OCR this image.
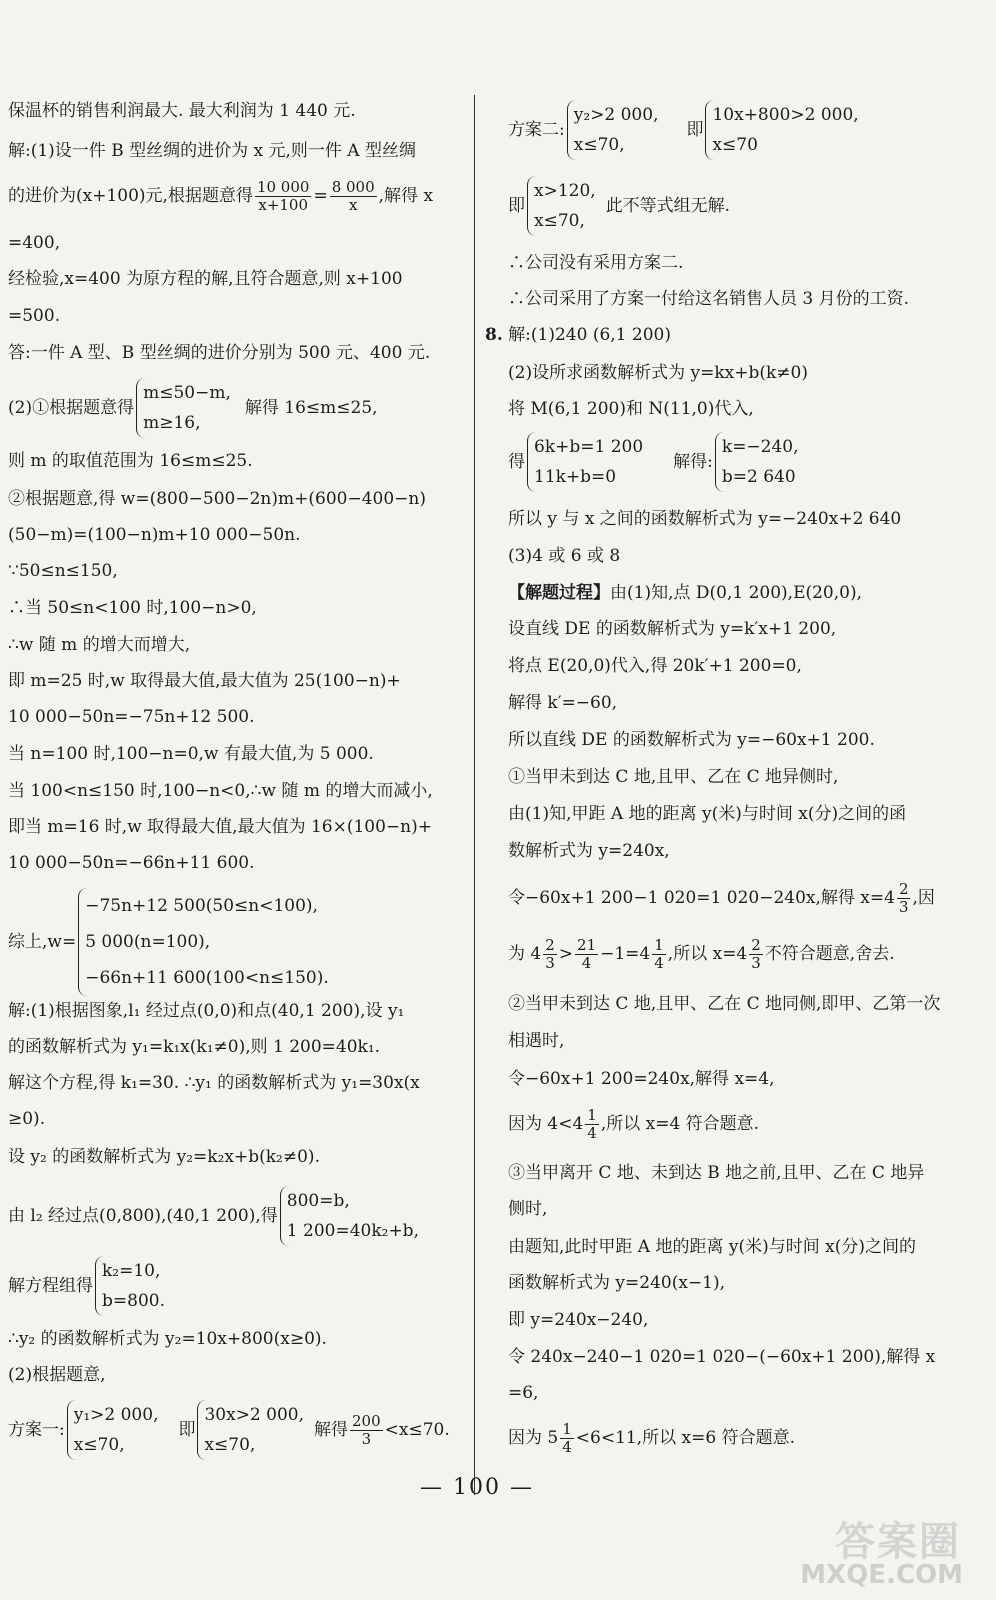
保温杯的销售利润最大. 最大利润为 1 440 元.
解:(1)设一件 B 型丝绸的进价为 x 元,则一件 A 型丝绸
的进价为(x+100)元,根据题意得 $\frac{10 000}{x+100} = \frac{8 000}{x}$ ,解得 x
=400,
经检验,x=400 为原方程的解,且符合题意,则 x+100
=500.
答:一件 A 型、B 型丝绸的进价分别为 500 元、400 元.
(2)①根据题意得
m≤50−m,
m≥16,
解得 16≤m≤25,
则 m 的取值范围为 16≤m≤25.
②根据题意,得 w=(800−500−2n)m+(600−400−n)
(50−m)=(100−n)m+10 000−50n.
∵50≤n≤150,
∴当 50≤n<100 时,100−n>0,
∴w 随 m 的增大而增大,
即 m=25 时,w 取得最大值,最大值为 25(100−n)+
10 000−50n=−75n+12 500.
当 n=100 时,100−n=0,w 有最大值,为 5 000.
当 100<n≤150 时,100−n<0,∴w 随 m 的增大而减小,
即当 m=16 时,w 取得最大值,最大值为 16×(100−n)+
10 000−50n=−66n+11 600.
综上,w=
−75n+12 500(50≤n<100),
5 000(n=100),
−66n+11 600(100<n≤150).
解:(1)根据图象,l₁ 经过点(0,0)和点(40,1 200),设 y₁
的函数解析式为 y₁=k₁x(k₁≠0),则 1 200=40k₁.
解这个方程,得 k₁=30. ∴y₁ 的函数解析式为 y₁=30x(x
≥0).
设 y₂ 的函数解析式为 y₂=k₂x+b(k₂≠0).
由 l₂ 经过点(0,800),(40,1 200),得
800=b,
1 200=40k₂+b,
解方程组得
k₂=10,
b=800.
∴y₂ 的函数解析式为 y₂=10x+800(x≥0).
(2)根据题意,
方案一:
y₁>2 000,
x≤70,
即
30x>2 000,
x≤70,
解得 $\frac{200}{3} <x\le 70$.
方案二:
y₂>2 000,
x≤70,
即
10x+800>2 000,
x≤70
即
x>120,
x≤70,
此不等式组无解.
∴公司没有采用方案二.
∴公司采用了方案一付给这名销售人员 3 月份的工资.
8. 解:(1)240 (6,1 200)
(2)设所求函数解析式为 y=kx+b(k≠0)
将 M(6,1 200)和 N(11,0)代入,
得
6k+b=1 200
11k+b=0
解得:
k=−240,
b=2 640
所以 y 与 x 之间的函数解析式为 y=−240x+2 640
(3)4 或 6 或 8
【解题过程】由(1)知,点 D(0,1 200),E(20,0),
设直线 DE 的函数解析式为 y=k′x+1 200,
将点 E(20,0)代入,得 20k′+1 200=0,
解得 k′=−60,
所以直线 DE 的函数解析式为 y=−60x+1 200.
①当甲未到达 C 地,且甲、乙在 C 地异侧时,
由(1)知,甲距 A 地的距离 y(米)与时间 x(分)之间的函
数解析式为 y=240x,
令−60x+1 200−1 020=1 020−240x,解得 $x=4 \frac{2}{3}$ ,因
为 $4 \frac{2}{3} > \frac{21}{4} -1=4 \frac{1}{4}$ ,所以 $x=4 \frac{2}{3}$ 不符合题意,舍去.
②当甲未到达 C 地,且甲、乙在 C 地同侧,即甲、乙第一次
相遇时,
令−60x+1 200=240x,解得 x=4,
因为 $4<4 \frac{1}{4}$ ,所以 x=4 符合题意.
③当甲离开 C 地、未到达 B 地之前,且甲、乙在 C 地异
侧时,
由题知,此时甲距 A 地的距离 y(米)与时间 x(分)之间的
函数解析式为 y=240(x−1),
即 y=240x−240,
令 240x−240−1 020=1 020−(−60x+1 200),解得 x
=6,
因为 $5 \frac{1}{4} <6<11$,所以 x=6 符合题意.
— 100 —
答案圈
MXQE.COM
